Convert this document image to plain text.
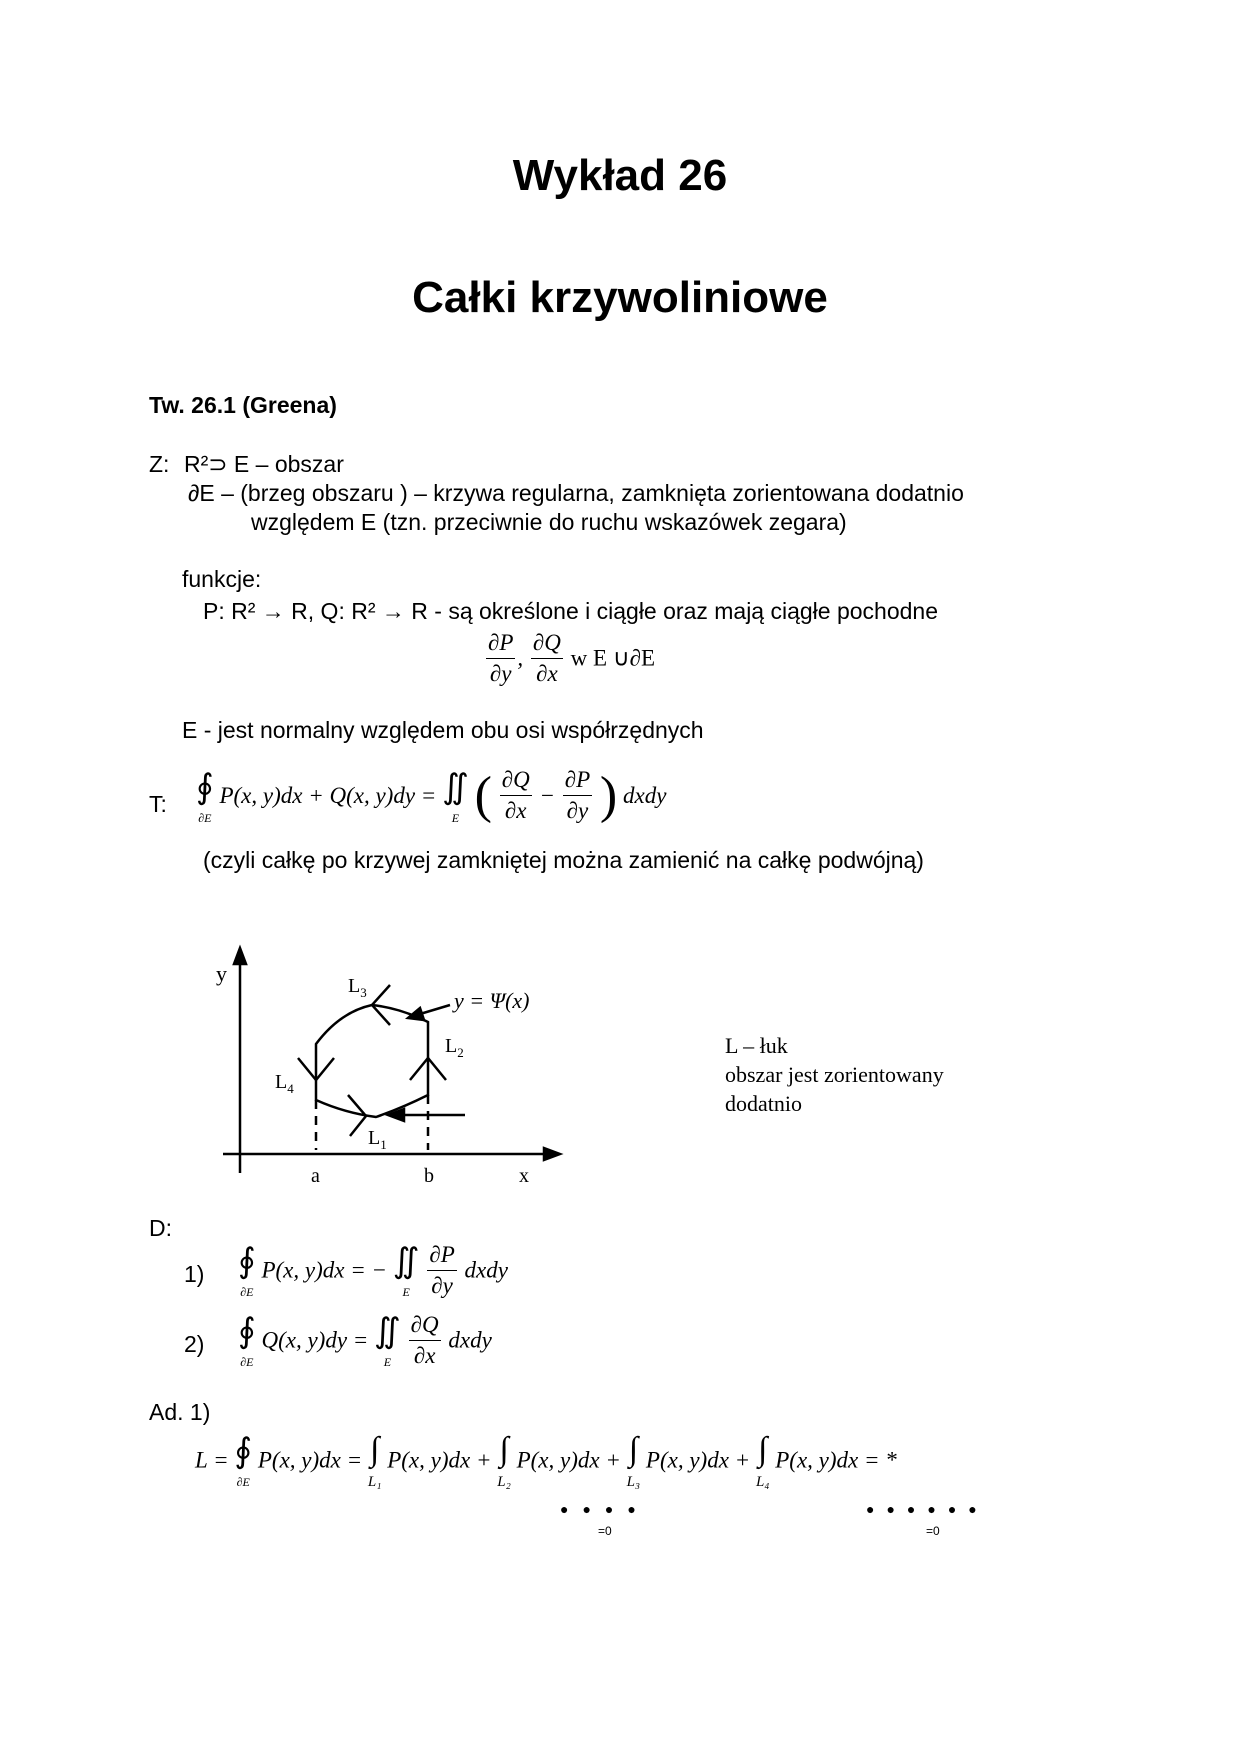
Wykład 26
Całki krzywoliniowe
Tw. 26.1 (Greena)
Z: R²⊃ E – obszar
∂E – (brzeg obszaru ) – krzywa regularna, zamknięta zorientowana dodatnio
względem E (tzn. przeciwnie do ruchu wskazówek zegara)
funkcje:
P: R² → R, Q: R² → R - są określone i ciągłe oraz mają ciągłe pochodne
$\frac{\partial P}{\partial y}$ , $\frac{\partial Q}{\partial x}$ w E ∪∂E
E - jest normalny względem obu osi współrzędnych
T: ∮
∂E
P(x, y)dx + Q(x, y)dy = ∬
E ( $\frac{\partial Q}{\partial x} - \frac{\partial P}{\partial y}$ ) dxdy
(czyli całkę po krzywej zamkniętej można zamienić na całkę podwójną)
y
x
a	b
$L_3$
$L_2$
$L_4$
$L_1$
y = Ψ(x)
L – łuk
obszar jest zorientowany
dodatnio
D:
1) ∮
∂E
P(x, y)dx = − ∬
E
$\frac{\partial P}{\partial y}$ dxdy
2) ∮
∂E
Q(x, y)dy = ∬
E
$\frac{\partial Q}{\partial x}$ dxdy
Ad. 1)
L = ∮
∂E
P(x, y)dx = ∫
L₁
P(x, y)dx + ∫
L₂
P(x, y)dx + ∫
L₃
P(x, y)dx + ∫
L₄
P(x, y)dx = *
●●●●	●●●●●●
=0	=0
